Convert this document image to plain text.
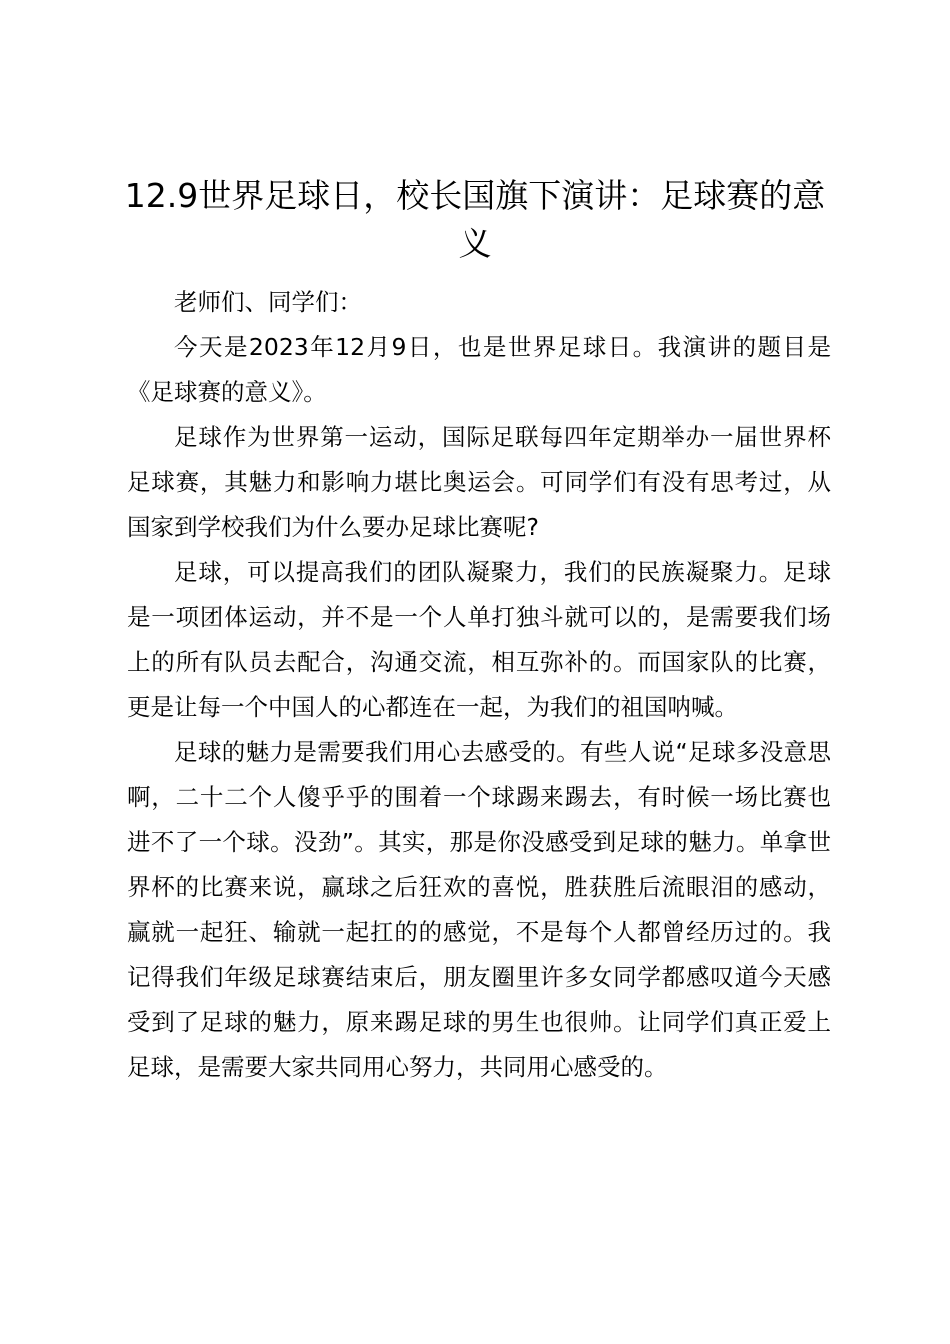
12.9世界足球日，校长国旗下演讲：足球赛的意义

老师们、同学们：

今天是2023年12月9日，也是世界足球日。我演讲的题目是《足球赛的意义》。

足球作为世界第一运动，国际足联每四年定期举办一届世界杯足球赛，其魅力和影响力堪比奥运会。可同学们有没有思考过，从国家到学校我们为什么要办足球比赛呢?

足球，可以提高我们的团队凝聚力，我们的民族凝聚力。足球是一项团体运动，并不是一个人单打独斗就可以的，是需要我们场上的所有队员去配合，沟通交流，相互弥补的。而国家队的比赛，更是让每一个中国人的心都连在一起，为我们的祖国呐喊。

足球的魅力是需要我们用心去感受的。有些人说“足球多没意思啊，二十二个人傻乎乎的围着一个球踢来踢去，有时候一场比赛也进不了一个球。没劲”。其实，那是你没感受到足球的魅力。单拿世界杯的比赛来说，赢球之后狂欢的喜悦，胜获胜后流眼泪的感动，赢就一起狂、输就一起扛的的感觉，不是每个人都曾经历过的。我记得我们年级足球赛结束后，朋友圈里许多女同学都感叹道今天感受到了足球的魅力，原来踢足球的男生也很帅。让同学们真正爱上足球，是需要大家共同用心努力，共同用心感受的。
